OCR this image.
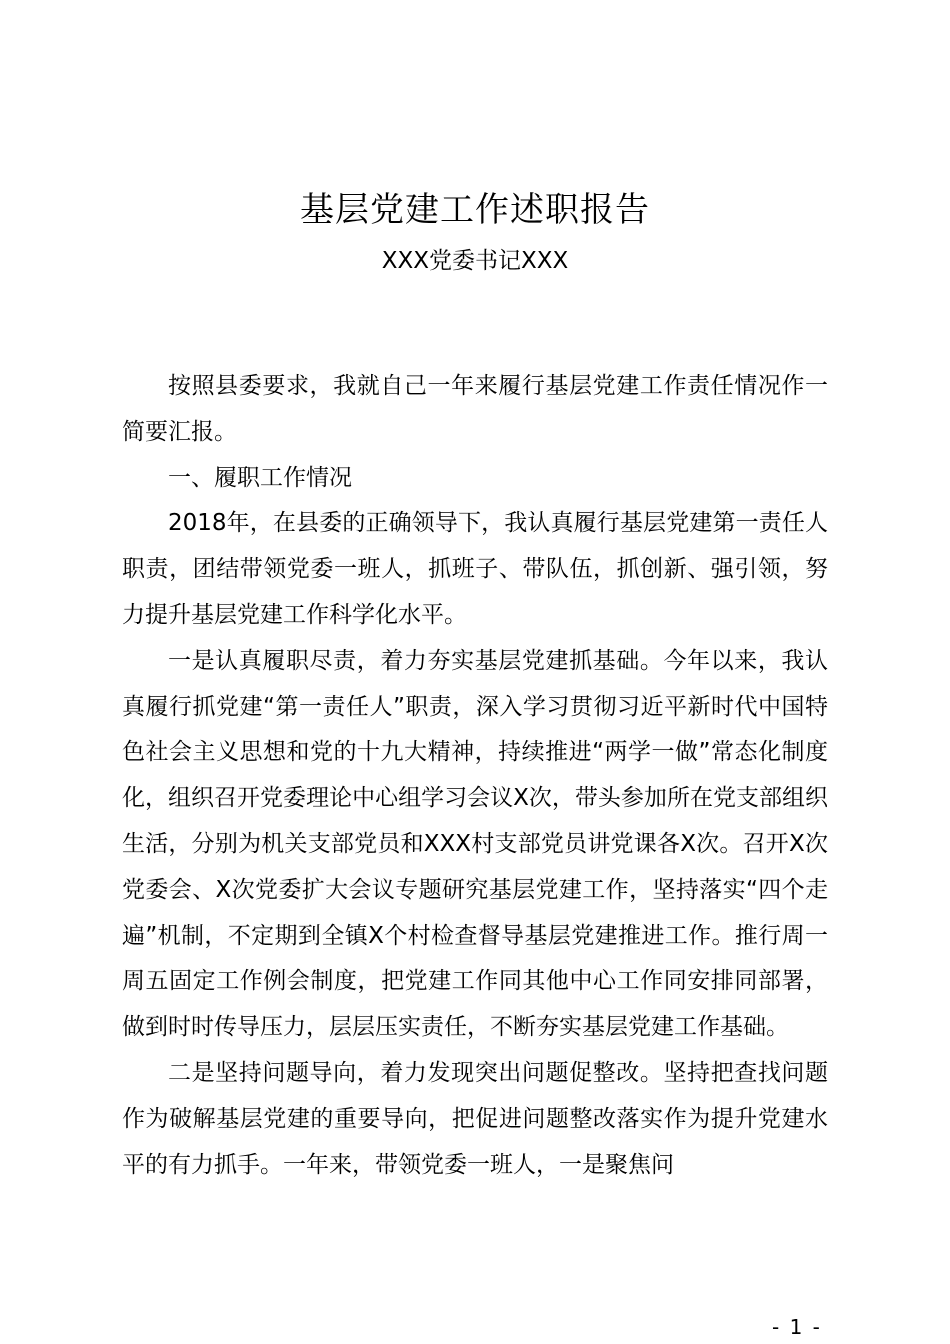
基层党建工作述职报告
XXX党委书记XXX

按照县委要求，我就自己一年来履行基层党建工作责任情况作一简要汇报。

一、履职工作情况

2018年，在县委的正确领导下，我认真履行基层党建第一责任人职责，团结带领党委一班人，抓班子、带队伍，抓创新、强引领，努力提升基层党建工作科学化水平。

一是认真履职尽责，着力夯实基层党建抓基础。今年以来，我认真履行抓党建“第一责任人”职责，深入学习贯彻习近平新时代中国特色社会主义思想和党的十九大精神，持续推进“两学一做”常态化制度化，组织召开党委理论中心组学习会议X次，带头参加所在党支部组织生活，分别为机关支部党员和XXX村支部党员讲党课各X次。召开X次党委会、X次党委扩大会议专题研究基层党建工作，坚持落实“四个走遍”机制，不定期到全镇X个村检查督导基层党建推进工作。推行周一周五固定工作例会制度，把党建工作同其他中心工作同安排同部署，做到时时传导压力，层层压实责任，不断夯实基层党建工作基础。

二是坚持问题导向，着力发现突出问题促整改。坚持把查找问题作为破解基层党建的重要导向，把促进问题整改落实作为提升党建水平的有力抓手。一年来，带领党委一班人，一是聚焦问

- 1 -
